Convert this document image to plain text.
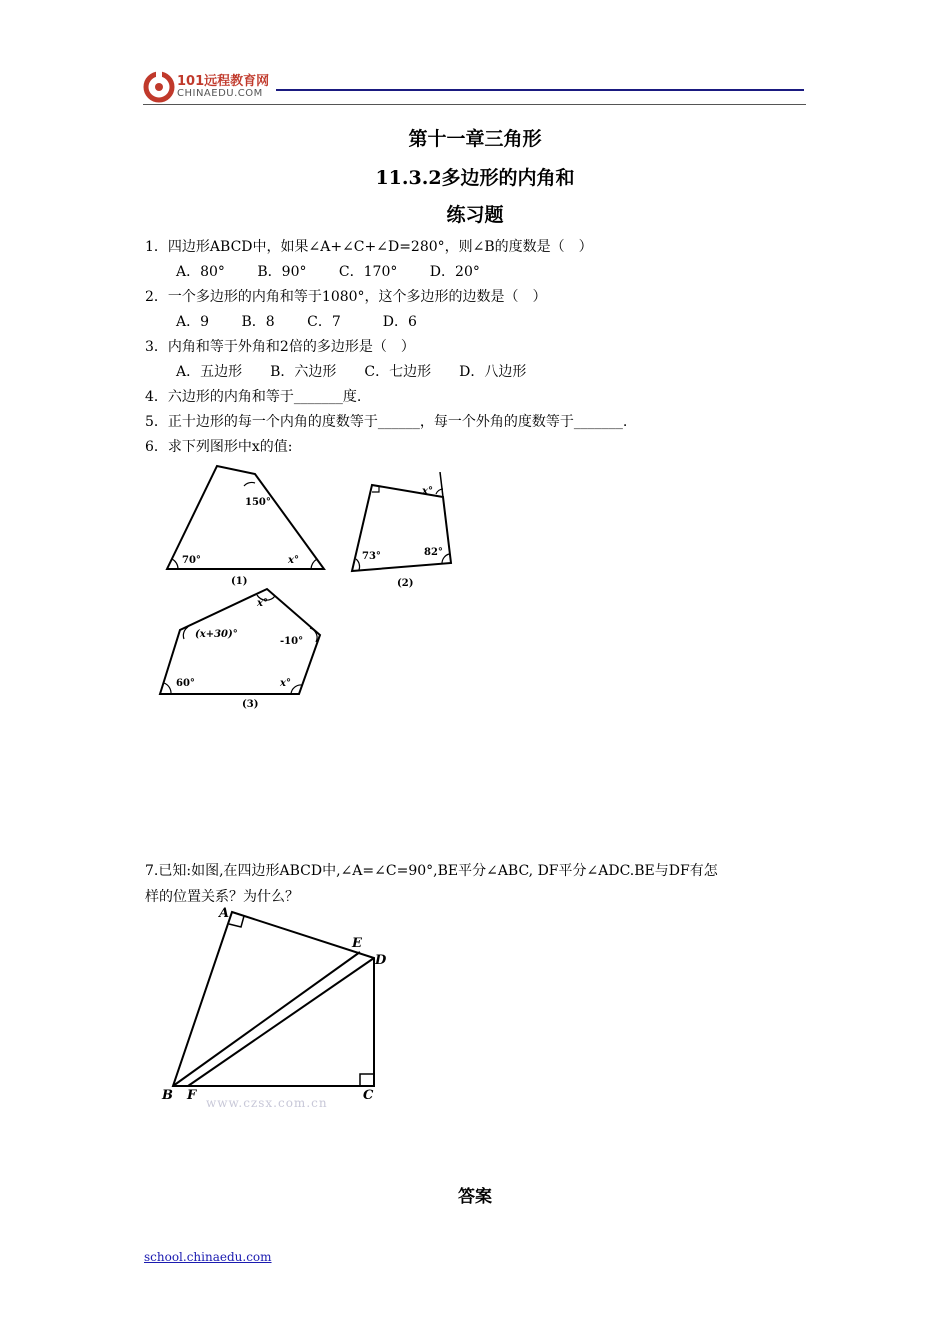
101远程教育网
CHINAEDU.COM
第十一章三角形
11.3.2多边形的内角和
练习题
1．四边形ABCD中，如果∠A+∠C+∠D=280°，则∠B的度数是（　）
A．80°　　 B．90°　　 C．170°　　 D．20°
2．一个多边形的内角和等于1080°，这个多边形的边数是（　）
A．9　　 B．8　　 C．7　　　D．6
3．内角和等于外角和2倍的多边形是（　）
A．五边形　　B．六边形　　C．七边形　　D．八边形
4．六边形的内角和等于_______度.
5．正十边形的每一个内角的度数等于______，每一个外角的度数等于_______.
6．求下列图形中x的值:
150°
70°	x°
(1)
x°
73°	82°
(2)
x°
(x+30)°
-10°
60°	x°
(3)
7.已知:如图,在四边形ABCD中,∠A=∠C=90°,BE平分∠ABC, DF平分∠ADC.BE与DF有怎
样的位置关系？为什么？
A
E
D
B F	C
www.czsx.com.cn
答案
school.chinaedu.com
